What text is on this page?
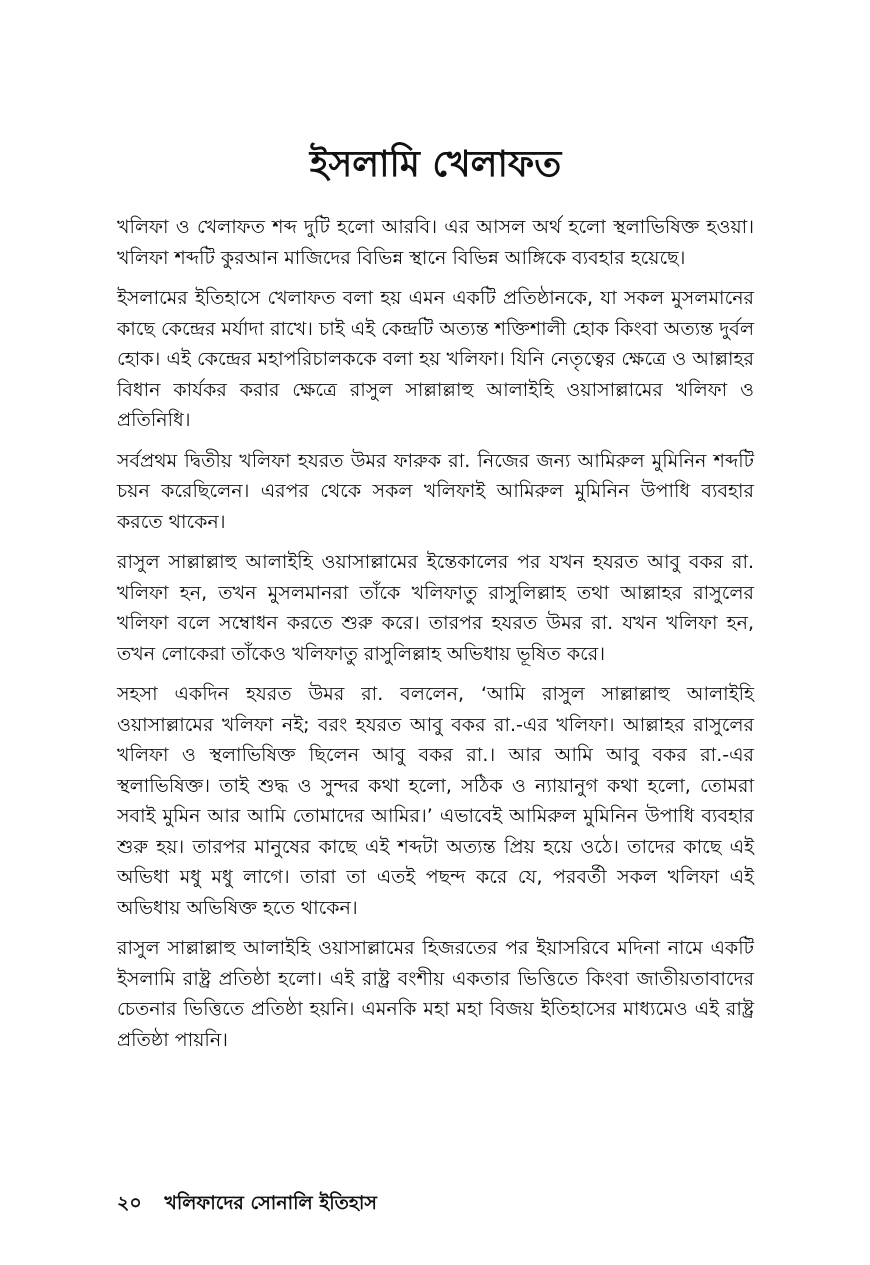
ইসলামি খেলাফত

খলিফা ও খেলাফত শব্দ দুটি হলো আরবি। এর আসল অর্থ হলো স্থলাভিষিক্ত হওয়া। খলিফা শব্দটি কুরআন মাজিদের বিভিন্ন স্থানে বিভিন্ন আঙ্গিকে ব্যবহার হয়েছে।

ইসলামের ইতিহাসে খেলাফত বলা হয় এমন একটি প্রতিষ্ঠানকে, যা সকল মুসলমানের কাছে কেন্দ্রের মর্যাদা রাখে। চাই এই কেন্দ্রটি অত্যন্ত শক্তিশালী হোক কিংবা অত্যন্ত দুর্বল হোক। এই কেন্দ্রের মহাপরিচালককে বলা হয় খলিফা। যিনি নেতৃত্বের ক্ষেত্রে ও আল্লাহর বিধান কার্যকর করার ক্ষেত্রে রাসুল সাল্লাল্লাহু আলাইহি ওয়াসাল্লামের খলিফা ও প্রতিনিধি।

সর্বপ্রথম দ্বিতীয় খলিফা হযরত উমর ফারুক রা. নিজের জন্য আমিরুল মুমিনিন শব্দটি চয়ন করেছিলেন। এরপর থেকে সকল খলিফাই আমিরুল মুমিনিন উপাধি ব্যবহার করতে থাকেন।

রাসুল সাল্লাল্লাহু আলাইহি ওয়াসাল্লামের ইন্তেকালের পর যখন হযরত আবু বকর রা. খলিফা হন, তখন মুসলমানরা তাঁকে খলিফাতু রাসুলিল্লাহ তথা আল্লাহর রাসুলের খলিফা বলে সম্বোধন করতে শুরু করে। তারপর হযরত উমর রা. যখন খলিফা হন, তখন লোকেরা তাঁকেও খলিফাতু রাসুলিল্লাহ অভিধায় ভূষিত করে।

সহসা একদিন হযরত উমর রা. বললেন, ‘আমি রাসুল সাল্লাল্লাহু আলাইহি ওয়াসাল্লামের খলিফা নই; বরং হযরত আবু বকর রা.-এর খলিফা। আল্লাহর রাসুলের খলিফা ও স্থলাভিষিক্ত ছিলেন আবু বকর রা.। আর আমি আবু বকর রা.-এর স্থলাভিষিক্ত। তাই শুদ্ধ ও সুন্দর কথা হলো, সঠিক ও ন্যায়ানুগ কথা হলো, তোমরা সবাই মুমিন আর আমি তোমাদের আমির।’ এভাবেই আমিরুল মুমিনিন উপাধি ব্যবহার শুরু হয়। তারপর মানুষের কাছে এই শব্দটা অত্যন্ত প্রিয় হয়ে ওঠে। তাদের কাছে এই অভিধা মধু মধু লাগে। তারা তা এতই পছন্দ করে যে, পরবর্তী সকল খলিফা এই অভিধায় অভিষিক্ত হতে থাকেন।

রাসুল সাল্লাল্লাহু আলাইহি ওয়াসাল্লামের হিজরতের পর ইয়াসরিবে মদিনা নামে একটি ইসলামি রাষ্ট্র প্রতিষ্ঠা হলো। এই রাষ্ট্র বংশীয় একতার ভিত্তিতে কিংবা জাতীয়তাবাদের চেতনার ভিত্তিতে প্রতিষ্ঠা হয়নি। এমনকি মহা মহা বিজয় ইতিহাসের মাধ্যমেও এই রাষ্ট্র প্রতিষ্ঠা পায়নি।

২০ খলিফাদের সোনালি ইতিহাস
